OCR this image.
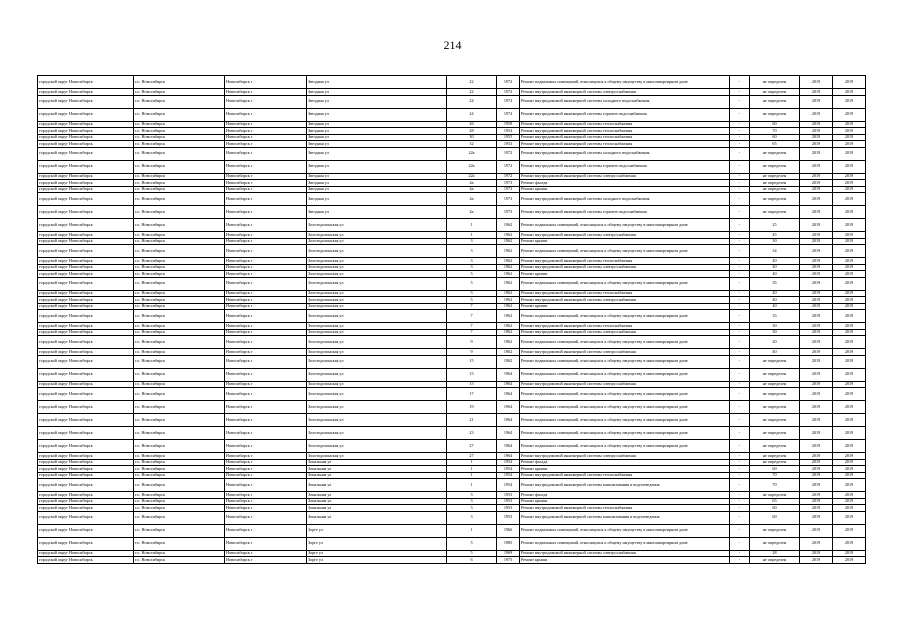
214
городской округ Новосибирск	г.о. Новосибирск	Новосибирск г	Звездная ул	22	1972	Ремонт подвальных помещений, относящихся к общему имуществу в многоквартирном доме	-	не определен	2019	2019
городской округ Новосибирск	г.о. Новосибирск	Новосибирск г	Звездная ул	22	1972	Ремонт внутридомовой инженерной системы электроснабжения	-	не определен	2019	2019
городской округ Новосибирск	г.о. Новосибирск	Новосибирск г	Звездная ул	24	1974	Ремонт внутридомовой инженерной системы холодного водоснабжения	-	не определен	2019	2019
городской округ Новосибирск	г.о. Новосибирск	Новосибирск г	Звездная ул	24	1974	Ремонт внутридомовой инженерной системы горячего водоснабжения	-	не определен	2019	2019
городской округ Новосибирск	г.о. Новосибирск	Новосибирск г	Звездная ул	26	1958	Ремонт внутридомовой инженерной системы теплоснабжения	-	60	2019	2019
городской округ Новосибирск	г.о. Новосибирск	Новосибирск г	Звездная ул	28	1954	Ремонт внутридомовой инженерной системы теплоснабжения	-	70	2019	2019
городской округ Новосибирск	г.о. Новосибирск	Новосибирск г	Звездная ул	30	1955	Ремонт внутридомовой инженерной системы теплоснабжения	-	60	2019	2019
городской округ Новосибирск	г.о. Новосибирск	Новосибирск г	Звездная ул	32	1953	Ремонт внутридомовой инженерной системы теплоснабжения	-	65	2019	2019
городской округ Новосибирск	г.о. Новосибирск	Новосибирск г	Звездная ул	22а	1972	Ремонт внутридомовой инженерной системы холодного водоснабжения	-	не определен	2019	2019
городской округ Новосибирск	г.о. Новосибирск	Новосибирск г	Звездная ул	22а	1972	Ремонт внутридомовой инженерной системы горячего водоснабжения	-	не определен	2019	2019
городской округ Новосибирск	г.о. Новосибирск	Новосибирск г	Звездная ул	22а	1972	Ремонт внутридомовой инженерной системы электроснабжения	-	не определен	2019	2019
городской округ Новосибирск	г.о. Новосибирск	Новосибирск г	Звездная ул	4а	1973	Ремонт фасада	-	не определен	2019	2019
городской округ Новосибирск	г.о. Новосибирск	Новосибирск г	Звездная ул	4а	1973	Ремонт крыши	-	не определен	2019	2019
городской округ Новосибирск	г.о. Новосибирск	Новосибирск г	Звездная ул	4а	1973	Ремонт внутридомовой инженерной системы холодного водоснабжения	-	не определен	2019	2019
городской округ Новосибирск	г.о. Новосибирск	Новосибирск г	Звездная ул	4а	1973	Ремонт внутридомовой инженерной системы горячего водоснабжения	-	не определен	2019	2019
городской округ Новосибирск	г.о. Новосибирск	Новосибирск г	Золотодолинская ул	1	1962	Ремонт подвальных помещений, относящихся к общему имуществу в многоквартирном доме	-	25	2019	2019
городской округ Новосибирск	г.о. Новосибирск	Новосибирск г	Золотодолинская ул	1	1962	Ремонт внутридомовой инженерной системы электроснабжения	-	45	2019	2019
городской округ Новосибирск	г.о. Новосибирск	Новосибирск г	Золотодолинская ул	3	1962	Ремонт крыши	-	30	2019	2019
городской округ Новосибирск	г.о. Новосибирск	Новосибирск г	Золотодолинская ул	3	1962	Ремонт подвальных помещений, относящихся к общему имуществу в многоквартирном доме	-	34	2019	2019
городской округ Новосибирск	г.о. Новосибирск	Новосибирск г	Золотодолинская ул	3	1962	Ремонт внутридомовой инженерной системы теплоснабжения	-	40	2019	2019
городской округ Новосибирск	г.о. Новосибирск	Новосибирск г	Золотодолинская ул	3	1962	Ремонт внутридомовой инженерной системы электроснабжения	-	40	2019	2019
городской округ Новосибирск	г.о. Новосибирск	Новосибирск г	Золотодолинская ул	5	1962	Ремонт крыши	-	40	2019	2019
городской округ Новосибирск	г.о. Новосибирск	Новосибирск г	Золотодолинская ул	5	1962	Ремонт подвальных помещений, относящихся к общему имуществу в многоквартирном доме	-	35	2019	2019
городской округ Новосибирск	г.о. Новосибирск	Новосибирск г	Золотодолинская ул	5	1962	Ремонт внутридомовой инженерной системы теплоснабжения	-	40	2019	2019
городской округ Новосибирск	г.о. Новосибирск	Новосибирск г	Золотодолинская ул	5	1962	Ремонт внутридомовой инженерной системы электроснабжения	-	40	2019	2019
городской округ Новосибирск	г.о. Новосибирск	Новосибирск г	Золотодолинская ул	7	1962	Ремонт крыши	-	40	2019	2019
городской округ Новосибирск	г.о. Новосибирск	Новосибирск г	Золотодолинская ул	7	1962	Ремонт подвальных помещений, относящихся к общему имуществу в многоквартирном доме	-	33	2019	2019
городской округ Новосибирск	г.о. Новосибирск	Новосибирск г	Золотодолинская ул	7	1962	Ремонт внутридомовой инженерной системы теплоснабжения	-	30	2019	2019
городской округ Новосибирск	г.о. Новосибирск	Новосибирск г	Золотодолинская ул	7	1962	Ремонт внутридомовой инженерной системы электроснабжения	-	30	2019	2019
городской округ Новосибирск	г.о. Новосибирск	Новосибирск г	Золотодолинская ул	9	1962	Ремонт подвальных помещений, относящихся к общему имуществу в многоквартирном доме	-	20	2019	2019
городской округ Новосибирск	г.о. Новосибирск	Новосибирск г	Золотодолинская ул	9	1962	Ремонт внутридомовой инженерной системы электроснабжения	-	40	2019	2019
городской округ Новосибирск	г.о. Новосибирск	Новосибирск г	Золотодолинская ул	15	1962	Ремонт подвальных помещений, относящихся к общему имуществу в многоквартирном доме	-	не определен	2019	2019
городской округ Новосибирск	г.о. Новосибирск	Новосибирск г	Золотодолинская ул	15	1964	Ремонт подвальных помещений, относящихся к общему имуществу в многоквартирном доме	-	не определен	2019	2019
городской округ Новосибирск	г.о. Новосибирск	Новосибирск г	Золотодолинская ул	15	1964	Ремонт внутридомовой инженерной системы электроснабжения	-	не определен	2019	2019
городской округ Новосибирск	г.о. Новосибирск	Новосибирск г	Золотодолинская ул	17	1964	Ремонт подвальных помещений, относящихся к общему имуществу в многоквартирном доме	-	не определен	2019	2019
городской округ Новосибирск	г.о. Новосибирск	Новосибирск г	Золотодолинская ул	19	1964	Ремонт подвальных помещений, относящихся к общему имуществу в многоквартирном доме	-	не определен	2019	2019
городской округ Новосибирск	г.о. Новосибирск	Новосибирск г	Золотодолинская ул	21	1964	Ремонт подвальных помещений, относящихся к общему имуществу в многоквартирном доме	-	не определен	2019	2019
городской округ Новосибирск	г.о. Новосибирск	Новосибирск г	Золотодолинская ул	23	1964	Ремонт подвальных помещений, относящихся к общему имуществу в многоквартирном доме	-	не определен	2019	2019
городской округ Новосибирск	г.о. Новосибирск	Новосибирск г	Золотодолинская ул	27	1964	Ремонт подвальных помещений, относящихся к общему имуществу в многоквартирном доме	-	не определен	2019	2019
городской округ Новосибирск	г.о. Новосибирск	Новосибирск г	Золотодолинская ул	27	1964	Ремонт внутридомовой инженерной системы электроснабжения	-	не определен	2019	2019
городской округ Новосибирск	г.о. Новосибирск	Новосибирск г	Зональная ул	1	1954	Ремонт фасада	-	не определен	2019	2019
городской округ Новосибирск	г.о. Новосибирск	Новосибирск г	Зональная ул	1	1954	Ремонт крыши	-	60	2019	2019
городской округ Новосибирск	г.о. Новосибирск	Новосибирск г	Зональная ул	1	1954	Ремонт внутридомовой инженерной системы теплоснабжения	-	70	2019	2019
городской округ Новосибирск	г.о. Новосибирск	Новосибирск г	Зональная ул	1	1954	Ремонт внутридомовой инженерной системы канализования и водоотведения	-	70	2019	2019
городской округ Новосибирск	г.о. Новосибирск	Новосибирск г	Зональная ул	3	1953	Ремонт фасада	-	не определен	2019	2019
городской округ Новосибирск	г.о. Новосибирск	Новосибирск г	Зональная ул	3	1953	Ремонт крыши	-	65	2019	2019
городской округ Новосибирск	г.о. Новосибирск	Новосибирск г	Зональная ул	3	1953	Ремонт внутридомовой инженерной системы теплоснабжения	-	60	2019	2019
городской округ Новосибирск	г.о. Новосибирск	Новосибирск г	Зональная ул	3	1953	Ремонт внутридомовой инженерной системы канализования и водоотведения	-	60	2019	2019
городской округ Новосибирск	г.о. Новосибирск	Новосибирск г	Зорге ул	1	1966	Ремонт подвальных помещений, относящихся к общему имуществу в многоквартирном доме	-	не определен	2019	2019
городской округ Новосибирск	г.о. Новосибирск	Новосибирск г	Зорге ул	5	1985	Ремонт подвальных помещений, относящихся к общему имуществу в многоквартирном доме	-	не определен	2019	2019
городской округ Новосибирск	г.о. Новосибирск	Новосибирск г	Зорге ул	5	1969	Ремонт внутридомовой инженерной системы электроснабжения	-	28	2019	2019
городской округ Новосибирск	г.о. Новосибирск	Новосибирск г	Зорге ул	6	1975	Ремонт крыши	-	не определен	2019	2019
